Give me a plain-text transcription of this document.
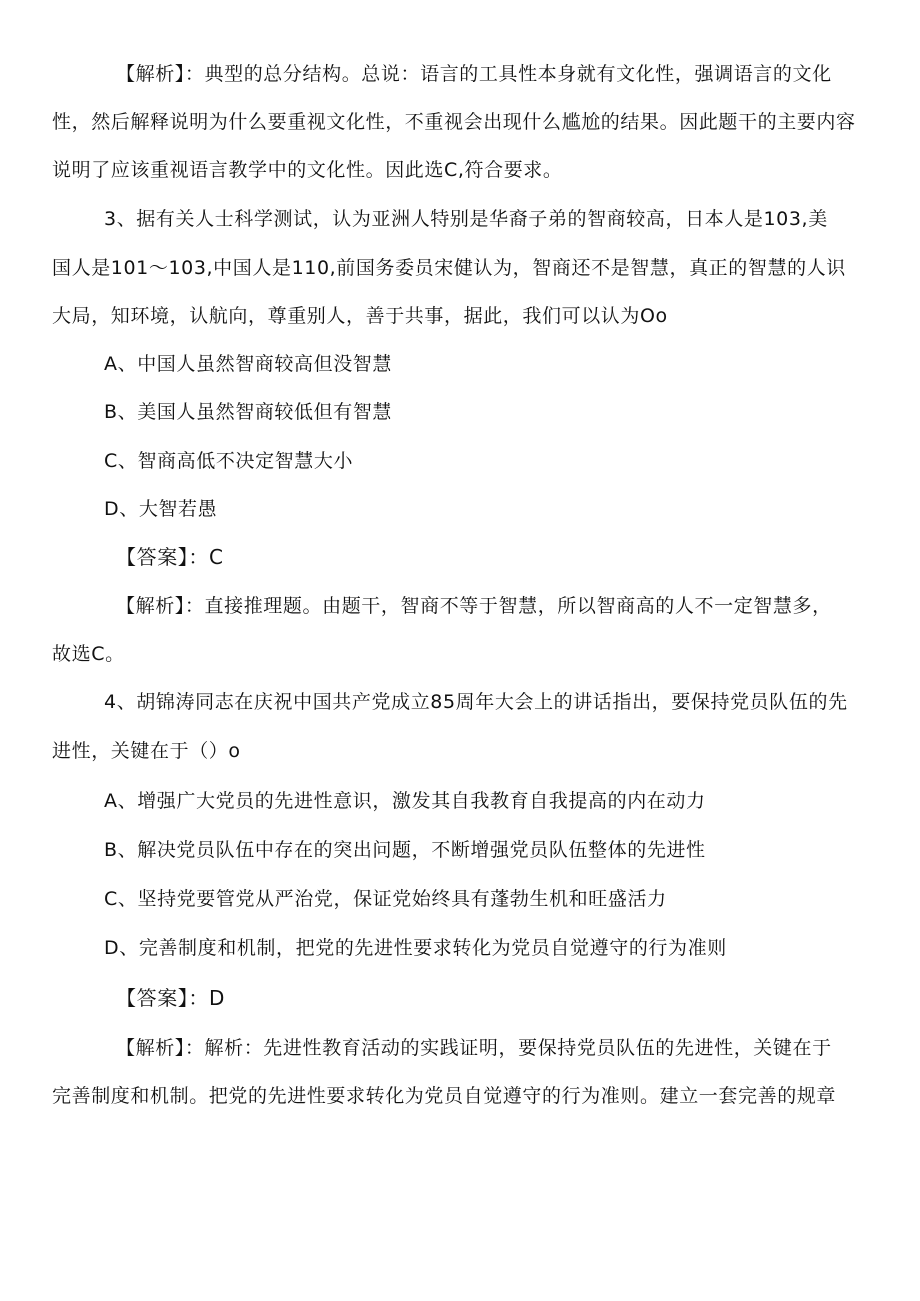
【解析】：典型的总分结构。总说：语言的工具性本身就有文化性，强调语言的文化
性，然后解释说明为什么要重视文化性，不重视会出现什么尴尬的结果。因此题干的主要内容
说明了应该重视语言教学中的文化性。因此选C,符合要求。
3、据有关人士科学测试，认为亚洲人特别是华裔子弟的智商较高，日本人是103,美
国人是101～103,中国人是110,前国务委员宋健认为，智商还不是智慧，真正的智慧的人识
大局，知环境，认航向，尊重别人，善于共事，据此，我们可以认为Oo
A、中国人虽然智商较高但没智慧
B、美国人虽然智商较低但有智慧
C、智商高低不决定智慧大小
D、大智若愚
【答案】：C
【解析】：直接推理题。由题干，智商不等于智慧，所以智商高的人不一定智慧多，
故选C。
4、胡锦涛同志在庆祝中国共产党成立85周年大会上的讲话指出，要保持党员队伍的先
进性，关键在于（）o
A、增强广大党员的先进性意识，激发其自我教育自我提高的内在动力
B、解决党员队伍中存在的突出问题，不断增强党员队伍整体的先进性
C、坚持党要管党从严治党，保证党始终具有蓬勃生机和旺盛活力
D、完善制度和机制，把党的先进性要求转化为党员自觉遵守的行为准则
【答案】：D
【解析】：解析：先进性教育活动的实践证明，要保持党员队伍的先进性，关键在于
完善制度和机制。把党的先进性要求转化为党员自觉遵守的行为准则。建立一套完善的规章
